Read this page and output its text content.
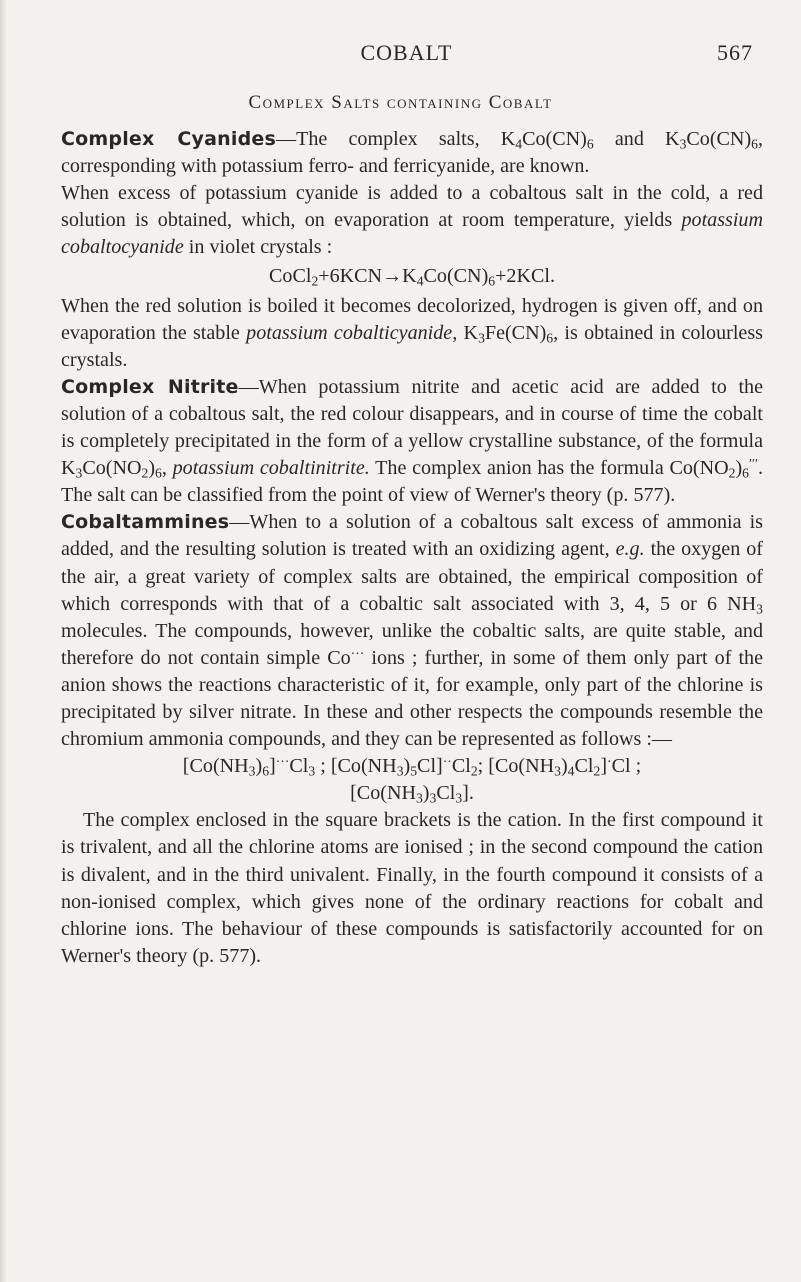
COBALT	567
Complex Salts containing Cobalt

Complex Cyanides—The complex salts, $K_4Co(CN)_6$ and $K_3Co(CN)_6$, corresponding with potassium ferro- and ferricyanide, are known.

When excess of potassium cyanide is added to a cobaltous salt in the cold, a red solution is obtained, which, on evaporation at room temperature, yields potassium cobaltocyanide in violet crystals :

$CoCl_2+6KCN\to K_4Co(CN)_6+2KCl$.

When the red solution is boiled it becomes decolorized, hydrogen is given off, and on evaporation the stable potassium cobalticyanide, $K_3Fe(CN)_6$, is obtained in colourless crystals.

Complex Nitrite—When potassium nitrite and acetic acid are added to the solution of a cobaltous salt, the red colour disappears, and in course of time the cobalt is completely precipitated in the form of a yellow crystalline substance, of the formula $K_3Co(NO_2)_6$, potassium cobaltinitrite. The complex anion has the formula $Co(NO_2)_6'''$. The salt can be classified from the point of view of Werner's theory (p. 577).

Cobaltammines—When to a solution of a cobaltous salt excess of ammonia is added, and the resulting solution is treated with an oxidizing agent, e.g. the oxygen of the air, a great variety of complex salts are obtained, the empirical composition of which corresponds with that of a cobaltic salt associated with 3, 4, 5 or 6 $NH_3$ molecules. The compounds, however, unlike the cobaltic salts, are quite stable, and therefore do not contain simple Co··· ions ; further, in some of them only part of the anion shows the reactions characteristic of it, for example, only part of the chlorine is precipitated by silver nitrate. In these and other respects the compounds resemble the chromium ammonia compounds, and they can be represented as follows :—

$[Co(NH_3)_6]^{\cdot\cdot\cdot}Cl_3$ ; $[Co(NH_3)_5Cl]^{\cdot\cdot}Cl_2$; $[Co(NH_3)_4Cl_2]^\cdot Cl$ ;
$[Co(NH_3)_3Cl_3]$.

The complex enclosed in the square brackets is the cation. In the first compound it is trivalent, and all the chlorine atoms are ionised ; in the second compound the cation is divalent, and in the third univalent. Finally, in the fourth compound it consists of a non-ionised complex, which gives none of the ordinary reactions for cobalt and chlorine ions. The behaviour of these compounds is satisfactorily accounted for on Werner's theory (p. 577).
